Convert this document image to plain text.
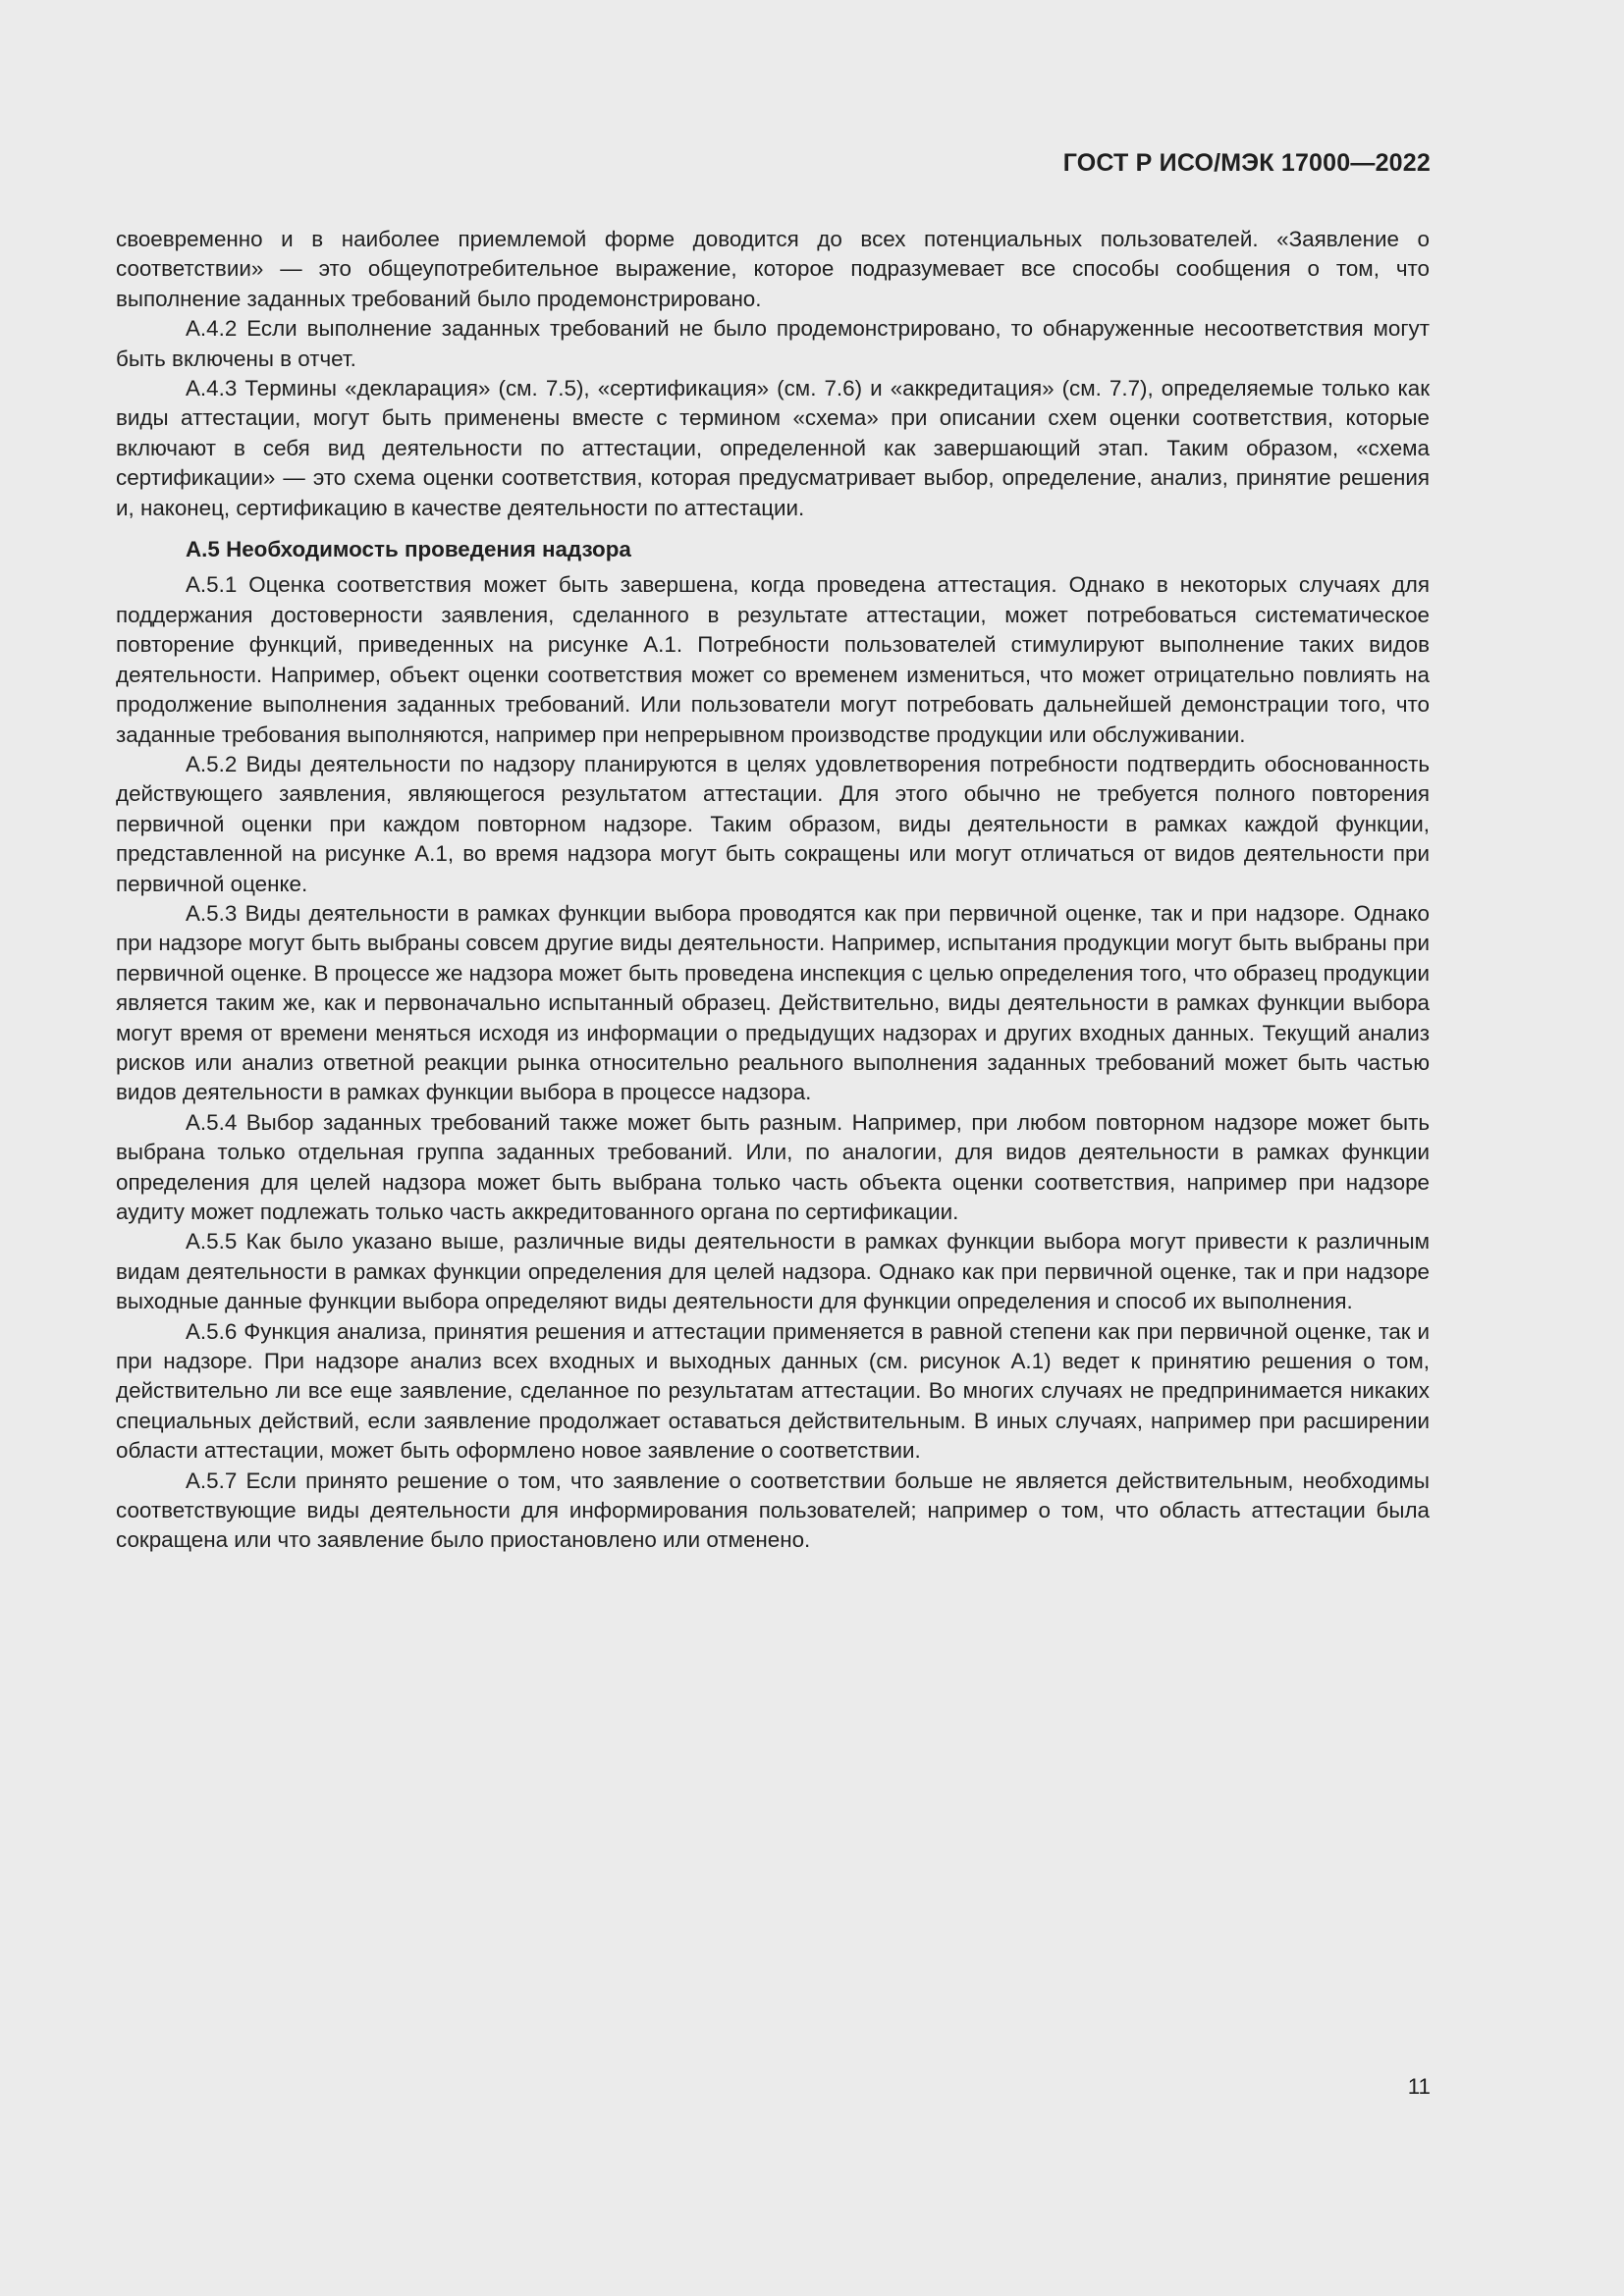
ГОСТ Р ИСО/МЭК 17000—2022

своевременно и в наиболее приемлемой форме доводится до всех потенциальных пользователей. «Заявление о соответствии» — это общеупотребительное выражение, которое подразумевает все способы сообщения о том, что выполнение заданных требований было продемонстрировано.

А.4.2 Если выполнение заданных требований не было продемонстрировано, то обнаруженные несоответствия могут быть включены в отчет.

А.4.3 Термины «декларация» (см. 7.5), «сертификация» (см. 7.6) и «аккредитация» (см. 7.7), определяемые только как виды аттестации, могут быть применены вместе с термином «схема» при описании схем оценки соответствия, которые включают в себя вид деятельности по аттестации, определенной как завершающий этап. Таким образом, «схема сертификации» — это схема оценки соответствия, которая предусматривает выбор, определение, анализ, принятие решения и, наконец, сертификацию в качестве деятельности по аттестации.

А.5 Необходимость проведения надзора

А.5.1 Оценка соответствия может быть завершена, когда проведена аттестация. Однако в некоторых случаях для поддержания достоверности заявления, сделанного в результате аттестации, может потребоваться систематическое повторение функций, приведенных на рисунке А.1. Потребности пользователей стимулируют выполнение таких видов деятельности. Например, объект оценки соответствия может со временем измениться, что может отрицательно повлиять на продолжение выполнения заданных требований. Или пользователи могут потребовать дальнейшей демонстрации того, что заданные требования выполняются, например при непрерывном производстве продукции или обслуживании.

А.5.2 Виды деятельности по надзору планируются в целях удовлетворения потребности подтвердить обоснованность действующего заявления, являющегося результатом аттестации. Для этого обычно не требуется полного повторения первичной оценки при каждом повторном надзоре. Таким образом, виды деятельности в рамках каждой функции, представленной на рисунке А.1, во время надзора могут быть сокращены или могут отличаться от видов деятельности при первичной оценке.

А.5.3 Виды деятельности в рамках функции выбора проводятся как при первичной оценке, так и при надзоре. Однако при надзоре могут быть выбраны совсем другие виды деятельности. Например, испытания продукции могут быть выбраны при первичной оценке. В процессе же надзора может быть проведена инспекция с целью определения того, что образец продукции является таким же, как и первоначально испытанный образец. Действительно, виды деятельности в рамках функции выбора могут время от времени меняться исходя из информации о предыдущих надзорах и других входных данных. Текущий анализ рисков или анализ ответной реакции рынка относительно реального выполнения заданных требований может быть частью видов деятельности в рамках функции выбора в процессе надзора.

А.5.4 Выбор заданных требований также может быть разным. Например, при любом повторном надзоре может быть выбрана только отдельная группа заданных требований. Или, по аналогии, для видов деятельности в рамках функции определения для целей надзора может быть выбрана только часть объекта оценки соответствия, например при надзоре аудиту может подлежать только часть аккредитованного органа по сертификации.

А.5.5 Как было указано выше, различные виды деятельности в рамках функции выбора могут привести к различным видам деятельности в рамках функции определения для целей надзора. Однако как при первичной оценке, так и при надзоре выходные данные функции выбора определяют виды деятельности для функции определения и способ их выполнения.

А.5.6 Функция анализа, принятия решения и аттестации применяется в равной степени как при первичной оценке, так и при надзоре. При надзоре анализ всех входных и выходных данных (см. рисунок А.1) ведет к принятию решения о том, действительно ли все еще заявление, сделанное по результатам аттестации. Во многих случаях не предпринимается никаких специальных действий, если заявление продолжает оставаться действительным. В иных случаях, например при расширении области аттестации, может быть оформлено новое заявление о соответствии.

А.5.7 Если принято решение о том, что заявление о соответствии больше не является действительным, необходимы соответствующие виды деятельности для информирования пользователей; например о том, что область аттестации была сокращена или что заявление было приостановлено или отменено.

11
